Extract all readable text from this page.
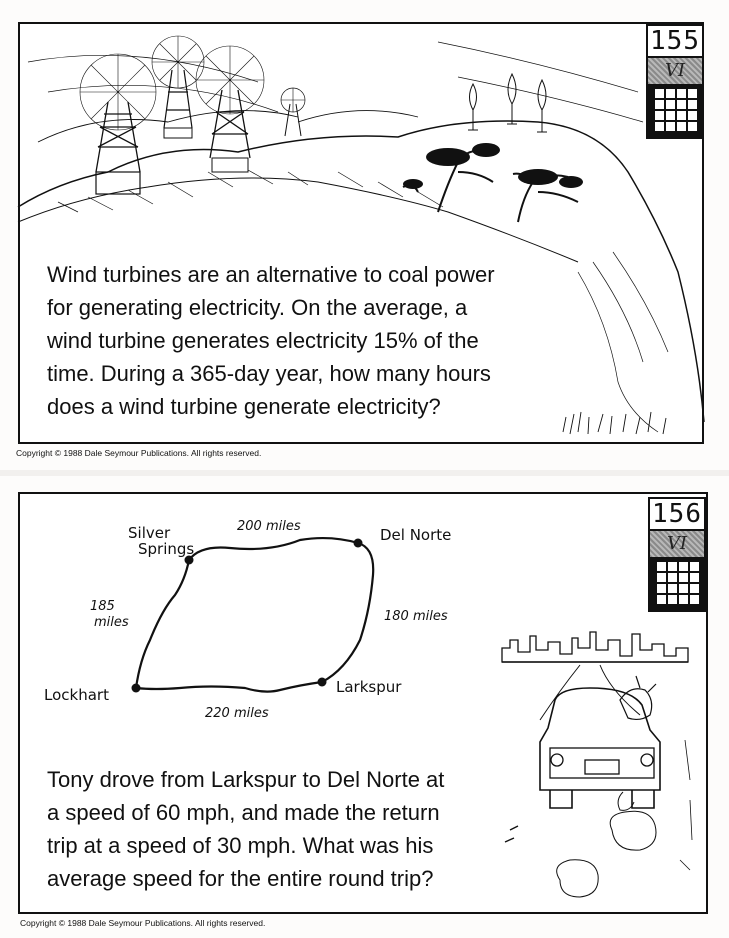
155
VI
Wind turbines are an alternative to coal power
for generating electricity. On the average, a
wind turbine generates electricity 15% of the
time. During a 365-day year, how many hours
does a wind turbine generate electricity?
Copyright © 1988 Dale Seymour Publications. All rights reserved.
Silver
Springs
Del Norte
Lockhart	Larkspur
200 miles
185
miles	180 miles
220 miles
156
VI
Tony drove from Larkspur to Del Norte at
a speed of 60 mph, and made the return
trip at a speed of 30 mph. What was his
average speed for the entire round trip?
Copyright © 1988 Dale Seymour Publications. All rights reserved.
